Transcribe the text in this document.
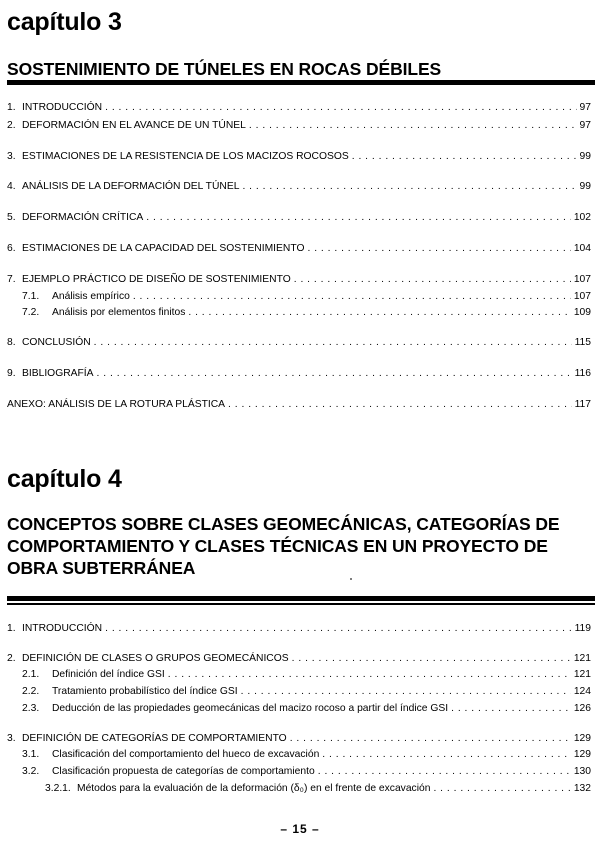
capítulo 3
SOSTENIMIENTO DE TÚNELES EN ROCAS DÉBILES
1. INTRODUCCIÓN . . .	97
2. DEFORMACIÓN EN EL AVANCE DE UN TÚNEL . . .	97
3. ESTIMACIONES DE LA RESISTENCIA DE LOS MACIZOS ROCOSOS . . .	99
4. ANÁLISIS DE LA DEFORMACIÓN DEL TÚNEL . . .	99
5. DEFORMACIÓN CRÍTICA . . .	102
6. ESTIMACIONES DE LA CAPACIDAD DEL SOSTENIMIENTO . . .	104
7. EJEMPLO PRÁCTICO DE DISEÑO DE SOSTENIMIENTO . . .	107
7.1.	Análisis empírico . . .	107
7.2.	Análisis por elementos finitos . . .	109
8. CONCLUSIÓN . . .	115
9. BIBLIOGRAFÍA . . .	116
ANEXO: ANÁLISIS DE LA ROTURA PLÁSTICA . . .	117
capítulo 4
CONCEPTOS SOBRE CLASES GEOMECÁNICAS, CATEGORÍAS DE
COMPORTAMIENTO Y CLASES TÉCNICAS EN UN PROYECTO DE
OBRA SUBTERRÁNEA
1. INTRODUCCIÓN . . .	119
2. DEFINICIÓN DE CLASES O GRUPOS GEOMECÁNICOS . . .	121
2.1.	Definición del índice GSI . . .	121
2.2.	Tratamiento probabilístico del índice GSI . . .	124
2.3.	Deducción de las propiedades geomecánicas del macizo rocoso a partir del índice GSI . . .	126
3. DEFINICIÓN DE CATEGORÍAS DE COMPORTAMIENTO . . .	129
3.1.	Clasificación del comportamiento del hueco de excavación . . .	129
3.2.	Clasificación propuesta de categorías de comportamiento . . .	130
3.2.1. Métodos para la evaluación de la deformación (δ₀) en el frente de excavación . . .	132
– 15 –
